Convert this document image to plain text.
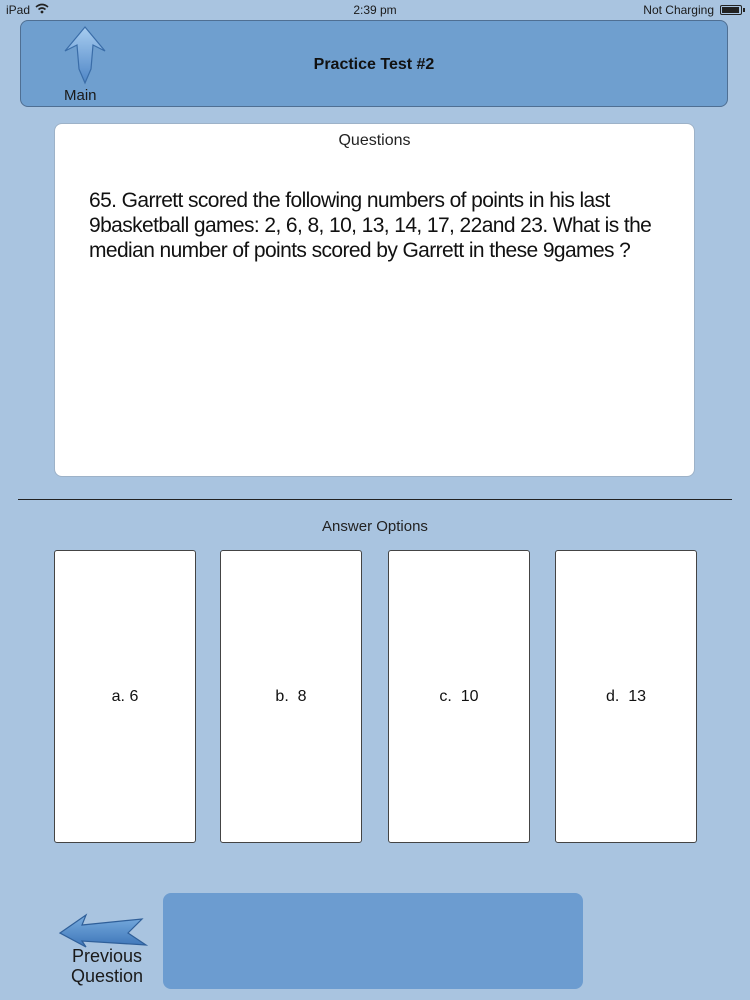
iPad	2:39 pm	Not Charging
Main
Practice Test #2
Questions
65. Garrett scored the following numbers of points in his last 9basketball games: 2, 6, 8, 10, 13, 14, 17, 22and 23. What is the median number of points scored by Garrett in these 9games ?
Answer Options
a. 6	b.  8	c.  10	d.  13
Previous
Question
